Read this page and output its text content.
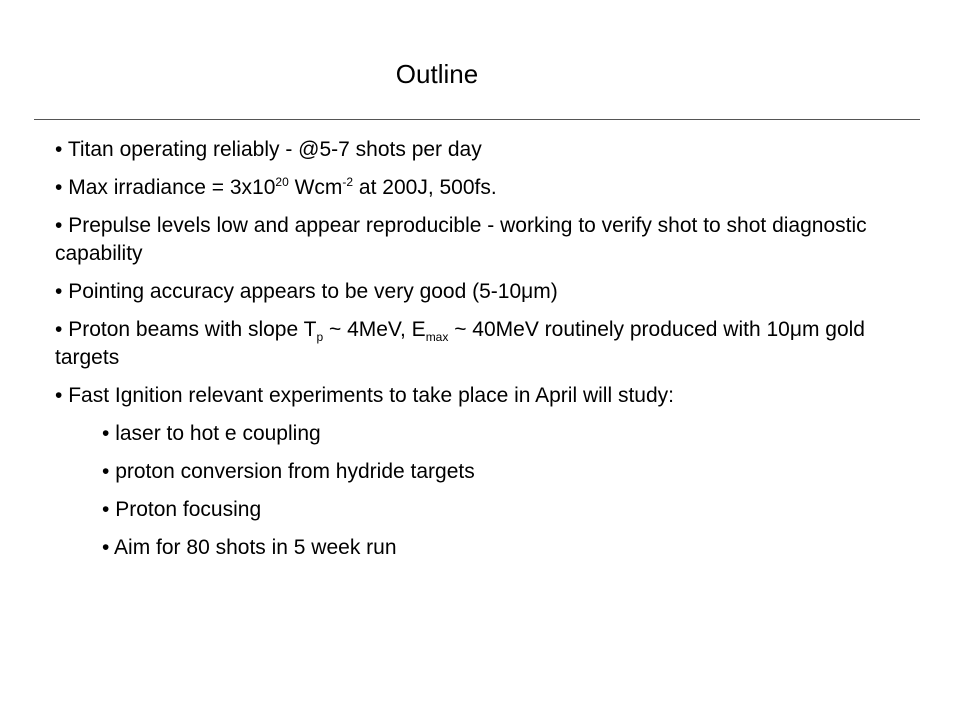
Outline
• Titan operating reliably - @5-7 shots per day
• Max irradiance = $3x10^{20}$ Wcm$^{-2}$ at 200J, 500fs.
• Prepulse levels low and appear reproducible - working to verify shot to shot diagnostic capability
• Pointing accuracy appears to be very good (5-10μm)
• Proton beams with slope $T_p$ ~ 4MeV, $E_{max}$ ~ 40MeV routinely produced with 10μm gold targets
• Fast Ignition relevant experiments to take place in April will study:
• laser to hot e coupling
• proton conversion from hydride targets
• Proton focusing
• Aim for 80 shots in 5 week run
